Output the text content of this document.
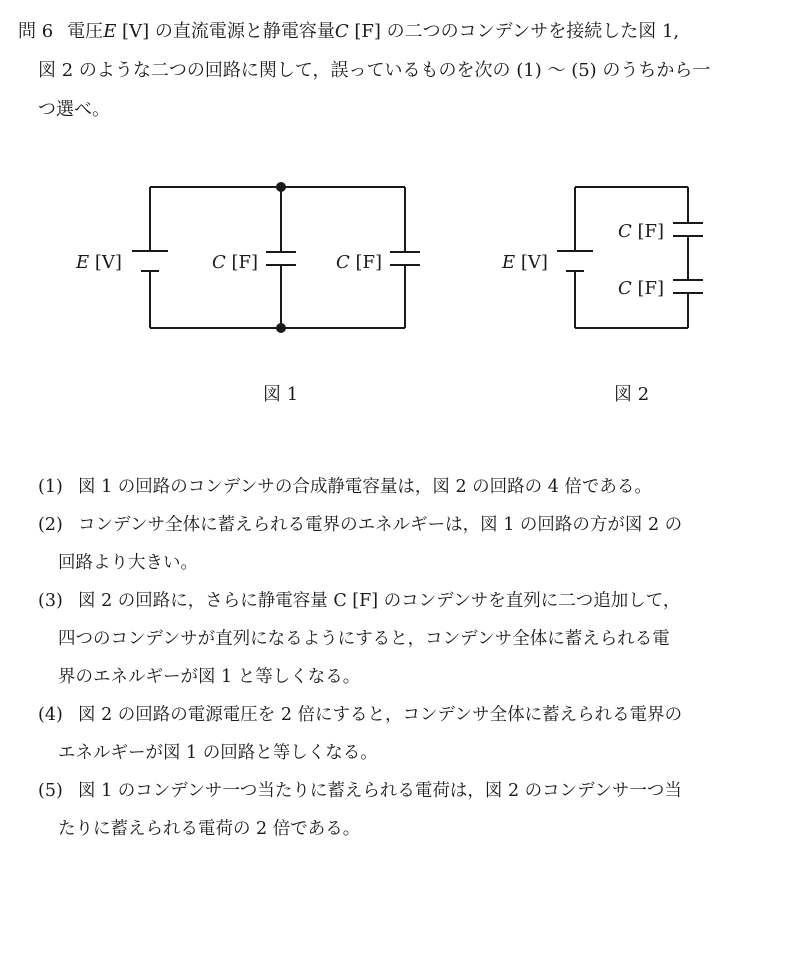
問 6 電圧E [V] の直流電源と静電容量C [F] の二つのコンデンサを接続した図 1,
図 2 のような二つの回路に関して，誤っているものを次の (1) ～ (5) のうちから一
つ選べ。
E [V]	C [F]	C [F]
図 1
E [V]
C [F]
C [F]
図 2
(1) 図 1 の回路のコンデンサの合成静電容量は，図 2 の回路の 4 倍である。
(2) コンデンサ全体に蓄えられる電界のエネルギーは，図 1 の回路の方が図 2 の
回路より大きい。
(3) 図 2 の回路に，さらに静電容量 C [F] のコンデンサを直列に二つ追加して，
四つのコンデンサが直列になるようにすると，コンデンサ全体に蓄えられる電
界のエネルギーが図 1 と等しくなる。
(4) 図 2 の回路の電源電圧を 2 倍にすると，コンデンサ全体に蓄えられる電界の
エネルギーが図 1 の回路と等しくなる。
(5) 図 1 のコンデンサ一つ当たりに蓄えられる電荷は，図 2 のコンデンサ一つ当
たりに蓄えられる電荷の 2 倍である。
